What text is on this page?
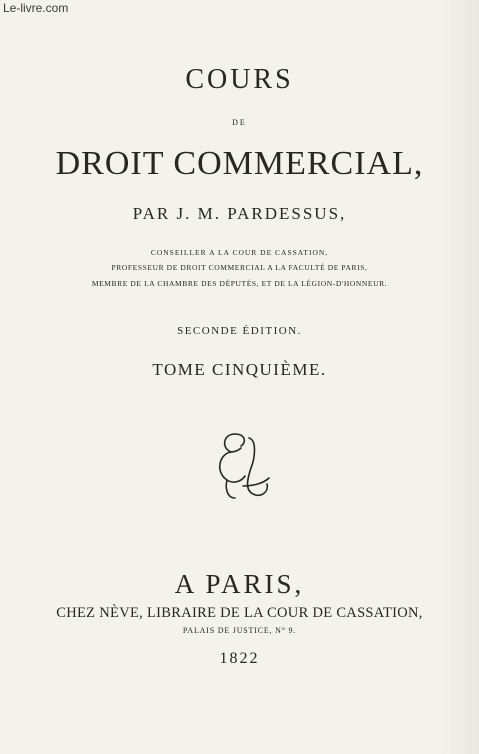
Le-livre.com
COURS
DE
DROIT COMMERCIAL,
PAR J. M. PARDESSUS,
CONSEILLER A LA COUR DE CASSATION,
PROFESSEUR DE DROIT COMMERCIAL A LA FACULTÉ DE PARIS,
MEMBRE DE LA CHAMBRE DES DÉPUTÉS, ET DE LA LÉGION-D'HONNEUR.
SECONDE ÉDITION.
TOME CINQUIÈME.
A PARIS,
CHEZ NÈVE, LIBRAIRE DE LA COUR DE CASSATION,
PALAIS DE JUSTICE, N° 9.
1822
